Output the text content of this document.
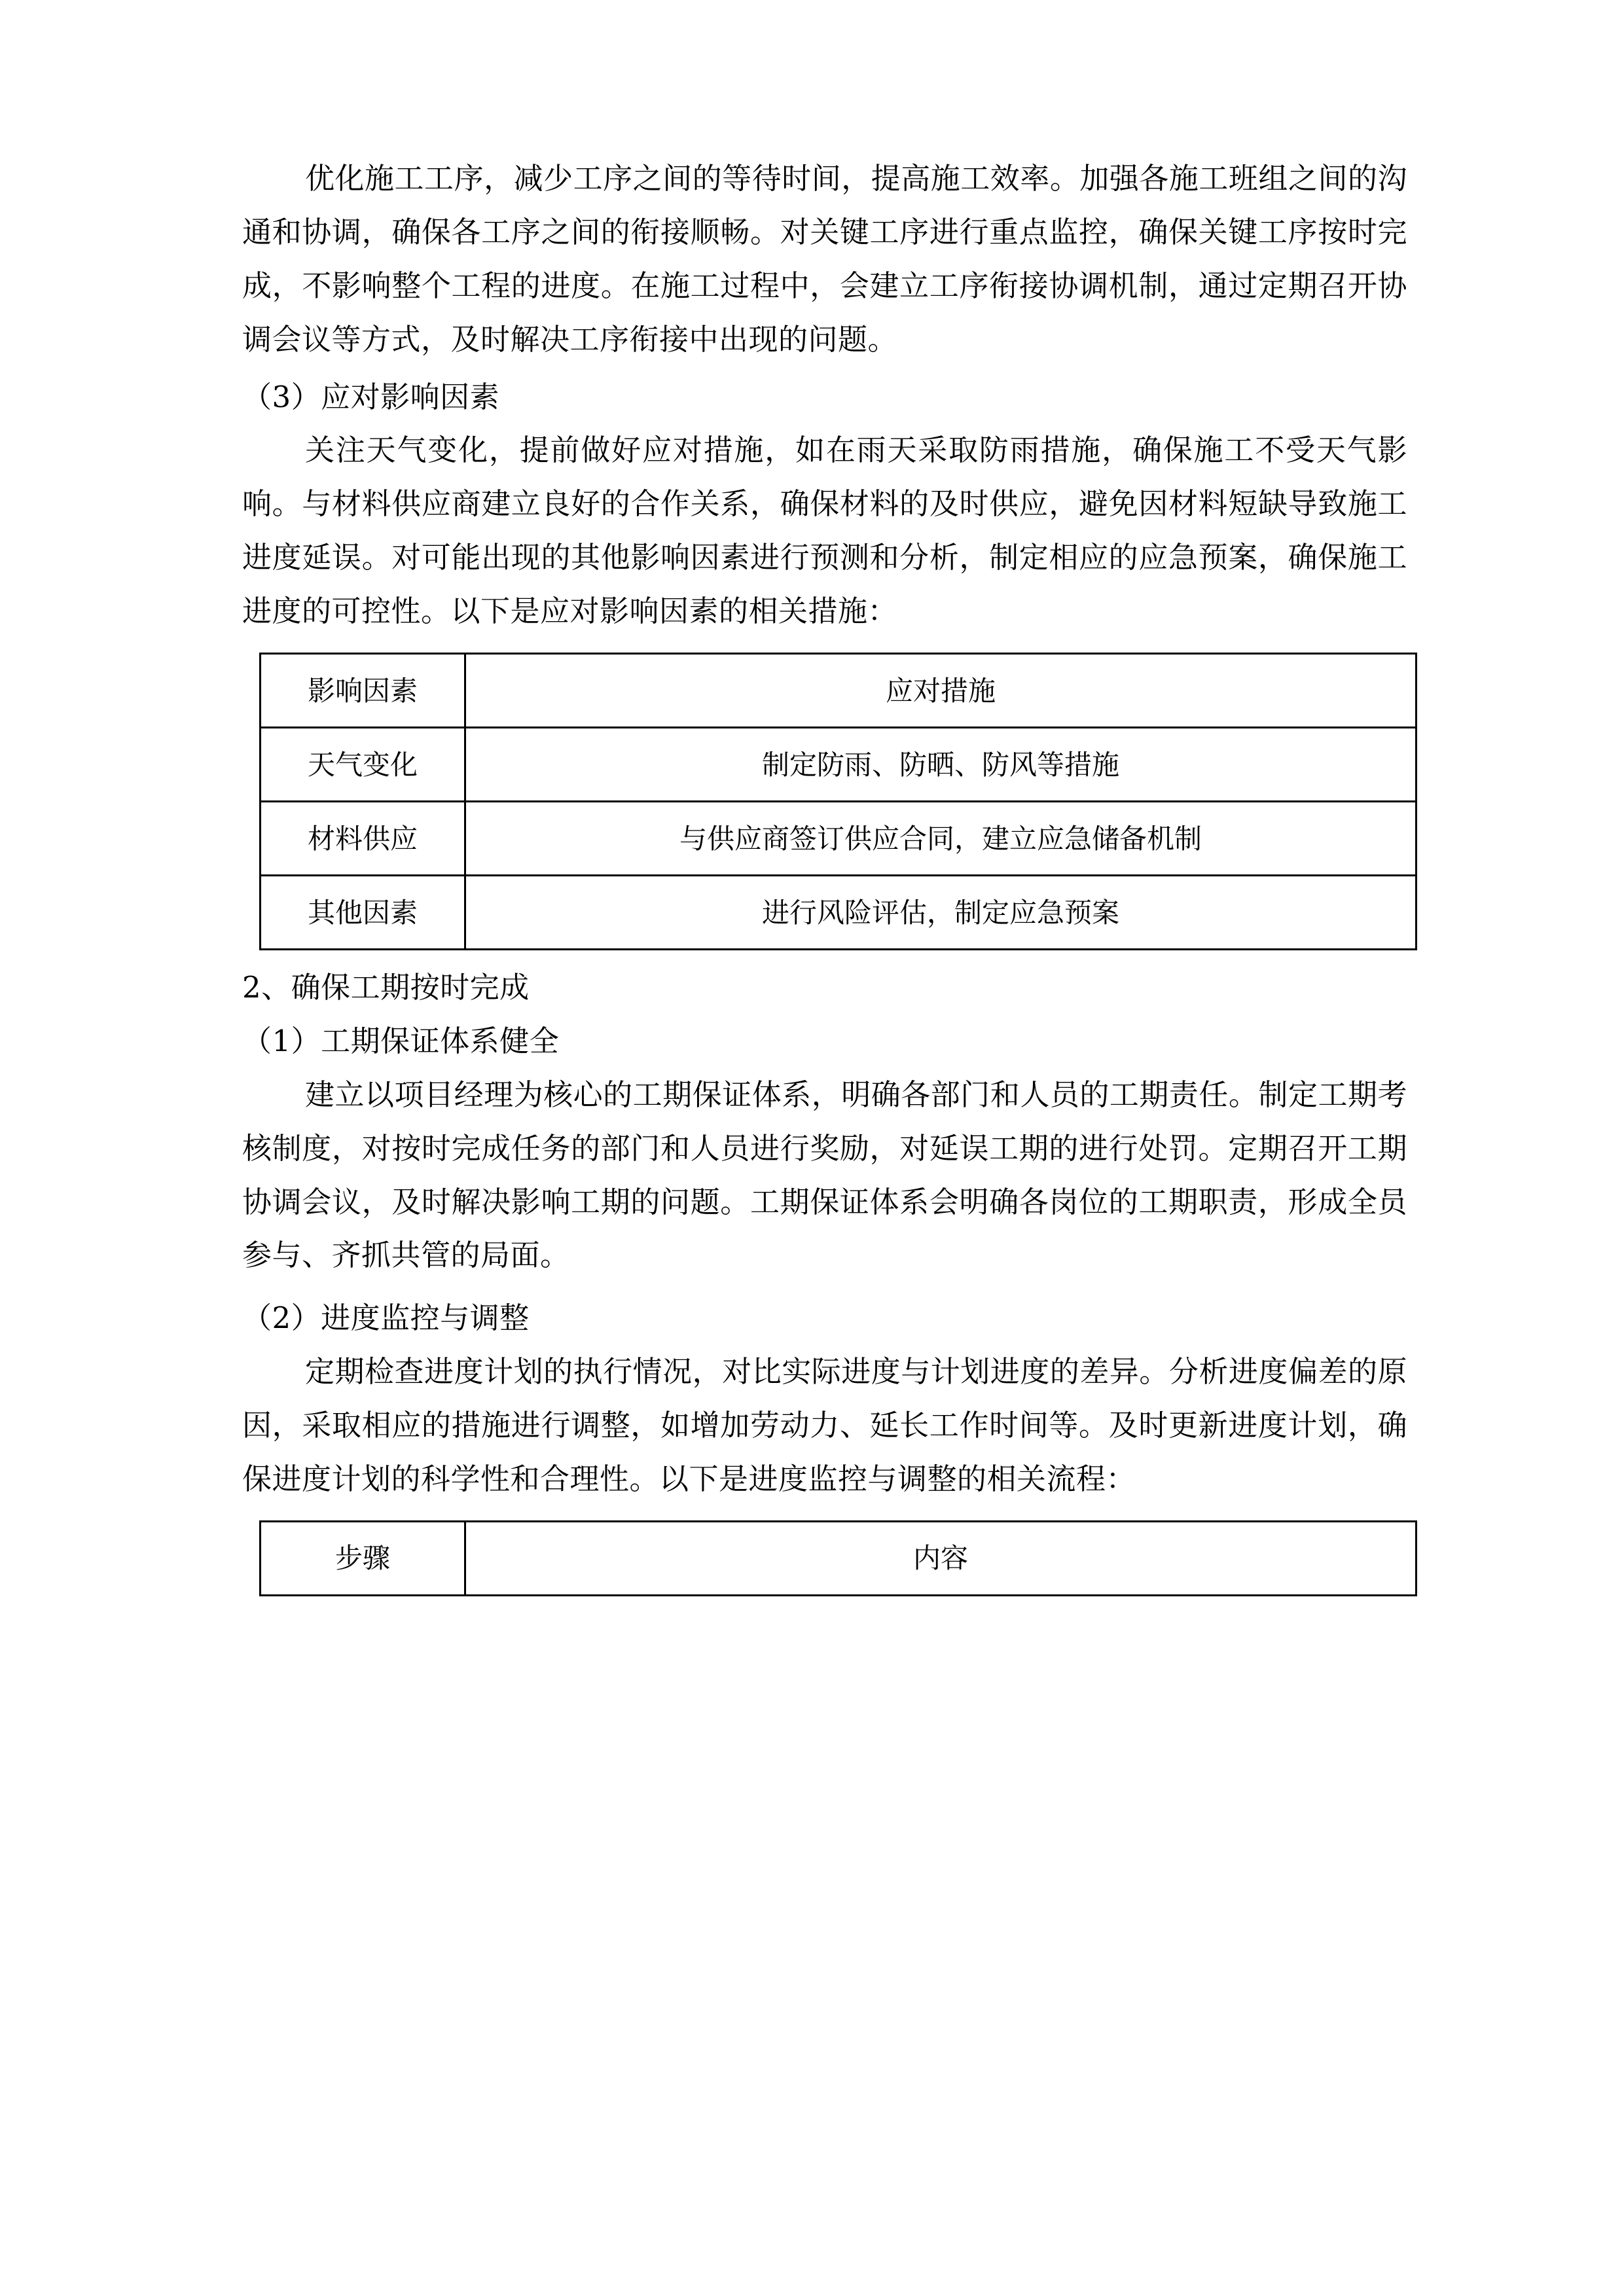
优化施工工序，减少工序之间的等待时间，提高施工效率。加强各施工班组之间的沟通和协调，确保各工序之间的衔接顺畅。对关键工序进行重点监控，确保关键工序按时完成，不影响整个工程的进度。在施工过程中，会建立工序衔接协调机制，通过定期召开协调会议等方式，及时解决工序衔接中出现的问题。

（3）应对影响因素

关注天气变化，提前做好应对措施，如在雨天采取防雨措施，确保施工不受天气影响。与材料供应商建立良好的合作关系，确保材料的及时供应，避免因材料短缺导致施工进度延误。对可能出现的其他影响因素进行预测和分析，制定相应的应急预案，确保施工进度的可控性。以下是应对影响因素的相关措施：

影响因素	应对措施
天气变化	制定防雨、防晒、防风等措施
材料供应	与供应商签订供应合同，建立应急储备机制
其他因素	进行风险评估，制定应急预案

2、确保工期按时完成

（1）工期保证体系健全

建立以项目经理为核心的工期保证体系，明确各部门和人员的工期责任。制定工期考核制度，对按时完成任务的部门和人员进行奖励，对延误工期的进行处罚。定期召开工期协调会议，及时解决影响工期的问题。工期保证体系会明确各岗位的工期职责，形成全员参与、齐抓共管的局面。

（2）进度监控与调整

定期检查进度计划的执行情况，对比实际进度与计划进度的差异。分析进度偏差的原因，采取相应的措施进行调整，如增加劳动力、延长工作时间等。及时更新进度计划，确保进度计划的科学性和合理性。以下是进度监控与调整的相关流程：

步骤	内容
